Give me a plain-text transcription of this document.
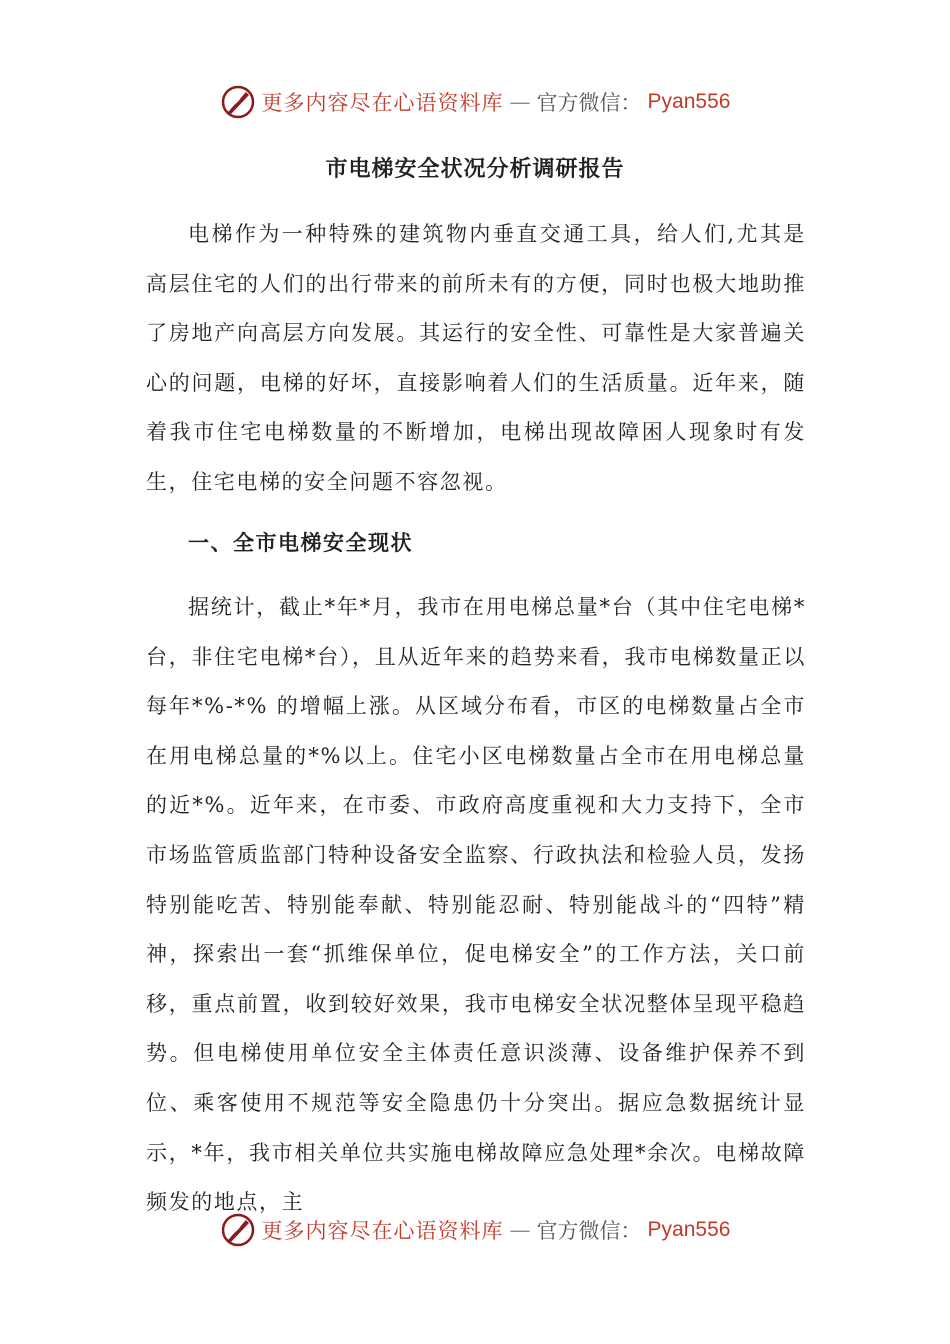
更多内容尽在心语资料库 — 官方微信： Pyan556
市电梯安全状况分析调研报告

电梯作为一种特殊的建筑物内垂直交通工具，给人们,尤其是高层住宅的人们的出行带来的前所未有的方便，同时也极大地助推了房地产向高层方向发展。其运行的安全性、可靠性是大家普遍关心的问题，电梯的好坏，直接影响着人们的生活质量。近年来，随着我市住宅电梯数量的不断增加，电梯出现故障困人现象时有发生，住宅电梯的安全问题不容忽视。

一、全市电梯安全现状

据统计，截止*年*月，我市在用电梯总量*台（其中住宅电梯*台，非住宅电梯*台），且从近年来的趋势来看，我市电梯数量正以每年*%-*% 的增幅上涨。从区域分布看，市区的电梯数量占全市在用电梯总量的*%以上。住宅小区电梯数量占全市在用电梯总量的近*%。近年来，在市委、市政府高度重视和大力支持下，全市市场监管质监部门特种设备安全监察、行政执法和检验人员，发扬特别能吃苦、特别能奉献、特别能忍耐、特别能战斗的“四特”精神，探索出一套“抓维保单位，促电梯安全”的工作方法，关口前移，重点前置，收到较好效果，我市电梯安全状况整体呈现平稳趋势。但电梯使用单位安全主体责任意识淡薄、设备维护保养不到位、乘客使用不规范等安全隐患仍十分突出。据应急数据统计显示，*年，我市相关单位共实施电梯故障应急处理*余次。电梯故障频发的地点，主

更多内容尽在心语资料库 — 官方微信： Pyan556
